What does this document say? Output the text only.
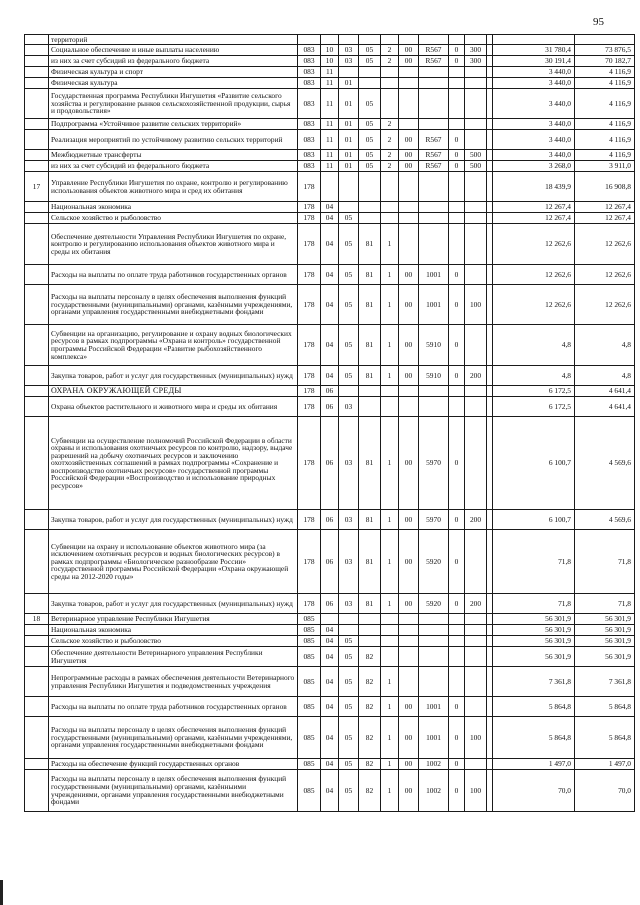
95
	территорий												
	Социальное обеспечение и иные выплаты населению	083	10	03	05	2	00	R567	0	300		31 780,4	73 876,5
	из них за счет субсидий из федерального бюджета	083	10	03	05	2	00	R567	0	300		30 191,4	70 182,7
	Физическая культура и спорт	083	11									3 440,0	4 116,9
	Физическая культура	083	11	01								3 440,0	4 116,9
	Государственная программа Республики Ингушетия «Развитие сельского хозяйства и регулирование рынков сельскохозяйственной продукции, сырья и продовольствия»	083	11	01	05							3 440,0	4 116,9
	Подпрограмма «Устойчивое развитие сельских территорий»	083	11	01	05	2						3 440,0	4 116,9
	Реализация мероприятий по устойчивому развитию сельских территорий	083	11	01	05	2	00	R567	0			3 440,0	4 116,9
	Межбюджетные трансферты	083	11	01	05	2	00	R567	0	500		3 440,0	4 116,9
	из них за счет субсидий из федерального бюджета	083	11	01	05	2	00	R567	0	500		3 268,0	3 911,0
17	Управление Республики Ингушетия по охране, контролю и регулированию использования объектов животного мира и сред их обитания	178										18 439,9	16 908,8
	Национальная экономика	178	04									12 267,4	12 267,4
	Сельское хозяйство и рыболовство	178	04	05								12 267,4	12 267,4
	Обеспечение деятельности Управления Республики Ингушетия по охране, контролю и регулированию использования объектов животного мира и среды их обитания	178	04	05	81	1						12 262,6	12 262,6
	Расходы на выплаты по оплате труда работников государственных органов	178	04	05	81	1	00	1001	0			12 262,6	12 262,6
	Расходы на выплаты персоналу в целях обеспечения выполнения функций государственными (муниципальными) органами, казёнными учреждениями, органами управления государственными внебюджетными фондами	178	04	05	81	1	00	1001	0	100		12 262,6	12 262,6
	Субвенции на организацию, регулирование и охрану водных биологических ресурсов в рамках подпрограммы «Охрана и контроль» государственной программы Российской Федерации «Развитие рыбохозяйственного комплекса»	178	04	05	81	1	00	5910	0			4,8	4,8
	Закупка товаров, работ и услуг для государственных (муниципальных) нужд	178	04	05	81	1	00	5910	0	200		4,8	4,8
	ОХРАНА ОКРУЖАЮЩЕЙ СРЕДЫ	178	06									6 172,5	4 641,4
	Охрана объектов растительного и животного мира и среды их обитания	178	06	03								6 172,5	4 641,4
	Субвенции на осуществление полномочий Российской Федерации в области охраны и использования охотничьих ресурсов по контролю, надзору, выдаче разрешений на добычу охотничьих ресурсов и заключению охотхозяйственных соглашений в рамках подпрограммы «Сохранение и воспроизводство охотничьих ресурсов» государственной программы Российской Федерации «Воспроизводство и использование природных ресурсов»	178	06	03	81	1	00	5970	0			6 100,7	4 569,6
	Закупка товаров, работ и услуг для государственных (муниципальных) нужд	178	06	03	81	1	00	5970	0	200		6 100,7	4 569,6
	Субвенции на охрану и использование объектов животного мира (за исключением охотничьих ресурсов и водных биологических ресурсов) в рамках подпрограммы «Биологическое разнообразие России» государственной программы Российской Федерации «Охрана окружающей среды на 2012-2020 годы»	178	06	03	81	1	00	5920	0			71,8	71,8
	Закупка товаров, работ и услуг для государственных (муниципальных) нужд	178	06	03	81	1	00	5920	0	200		71,8	71,8
18	Ветеринарное управление Республики Ингушетия	085										56 301,9	56 301,9
	Национальная экономика	085	04									56 301,9	56 301,9
	Сельское хозяйство и рыболовство	085	04	05								56 301,9	56 301,9
	Обеспечение деятельности Ветеринарного управления Республики Ингушетия	085	04	05	82							56 301,9	56 301,9
	Непрограммные расходы в рамках обеспечения деятельности Ветеринарного управления Республики Ингушетия и подведомственных учреждения	085	04	05	82	1						7 361,8	7 361,8
	Расходы на выплаты по оплате труда работников государственных органов	085	04	05	82	1	00	1001	0			5 864,8	5 864,8
	Расходы на выплаты персоналу в целях обеспечения выполнения функций государственными (муниципальными) органами, казёнными учреждениями, органами управления государственными внебюджетными фондами	085	04	05	82	1	00	1001	0	100		5 864,8	5 864,8
	Расходы на обеспечение функций государственных органов	085	04	05	82	1	00	1002	0			1 497,0	1 497,0
	Расходы на выплаты персоналу в целях обеспечения выполнения функций государственными (муниципальными) органами, казённыими учреждениями, органами управления государственными внебюджетными фондами	085	04	05	82	1	00	1002	0	100		70,0	70,0
